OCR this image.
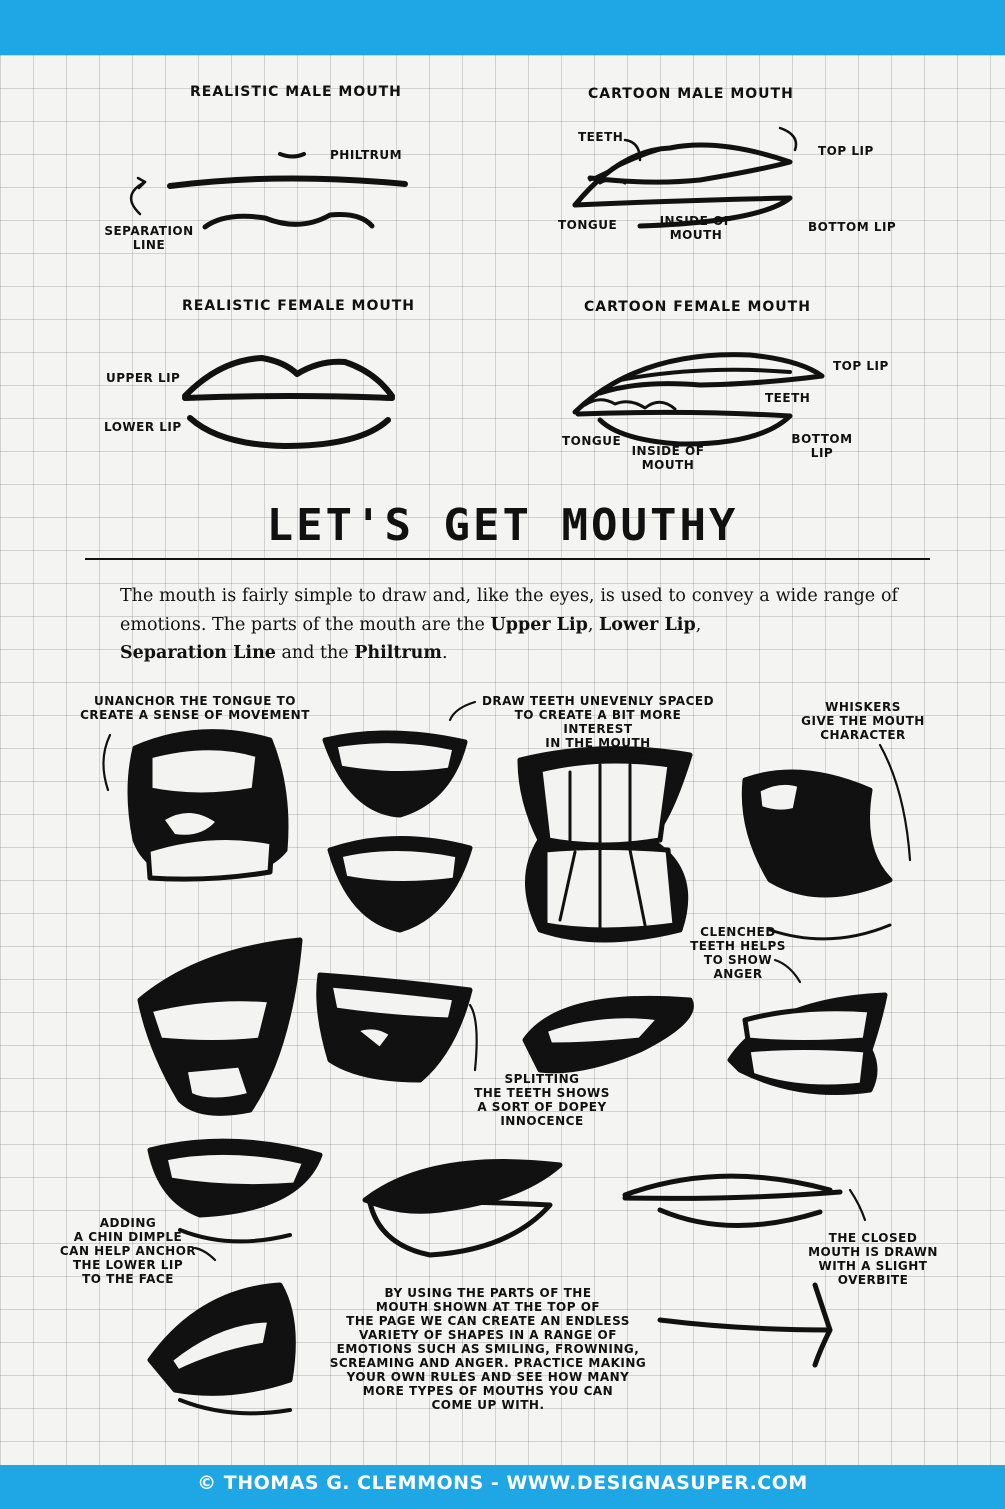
REALISTIC MALE MOUTH	CARTOON MALE MOUTH
REALISTIC FEMALE MOUTH	CARTOON FEMALE MOUTH
PHILTRUM
SEPARATION
LINE
TEETH
TOP LIP
TONGUE	INSIDE OF
MOUTH
BOTTOM LIP
UPPER LIP
LOWER LIP
TOP LIP
TEETH
TONGUE
INSIDE OF
MOUTH
BOTTOM
LIP
LET'S GET MOUTHY
The mouth is fairly simple to draw and, like the eyes, is used to convey a wide range of emotions. The parts of the mouth are the Upper Lip, Lower Lip,
Separation Line and the Philtrum.
UNANCHOR THE TONGUE TO
CREATE A SENSE OF MOVEMENT
DRAW TEETH UNEVENLY SPACED
TO CREATE A BIT MORE INTEREST
IN THE MOUTH
WHISKERS
GIVE THE MOUTH
CHARACTER
CLENCHED
TEETH HELPS
TO SHOW
ANGER
SPLITTING
THE TEETH SHOWS
A SORT OF DOPEY
INNOCENCE
ADDING
A CHIN DIMPLE
CAN HELP ANCHOR
THE LOWER LIP
TO THE FACE
THE CLOSED
MOUTH IS DRAWN
WITH A SLIGHT
OVERBITE
BY USING THE PARTS OF THE
MOUTH SHOWN AT THE TOP OF
THE PAGE WE CAN CREATE AN ENDLESS
VARIETY OF SHAPES IN A RANGE OF
EMOTIONS SUCH AS SMILING, FROWNING,
SCREAMING AND ANGER. PRACTICE MAKING
YOUR OWN RULES AND SEE HOW MANY
MORE TYPES OF MOUTHS YOU CAN
COME UP WITH.
© THOMAS G. CLEMMONS - WWW.DESIGNASUPER.COM
